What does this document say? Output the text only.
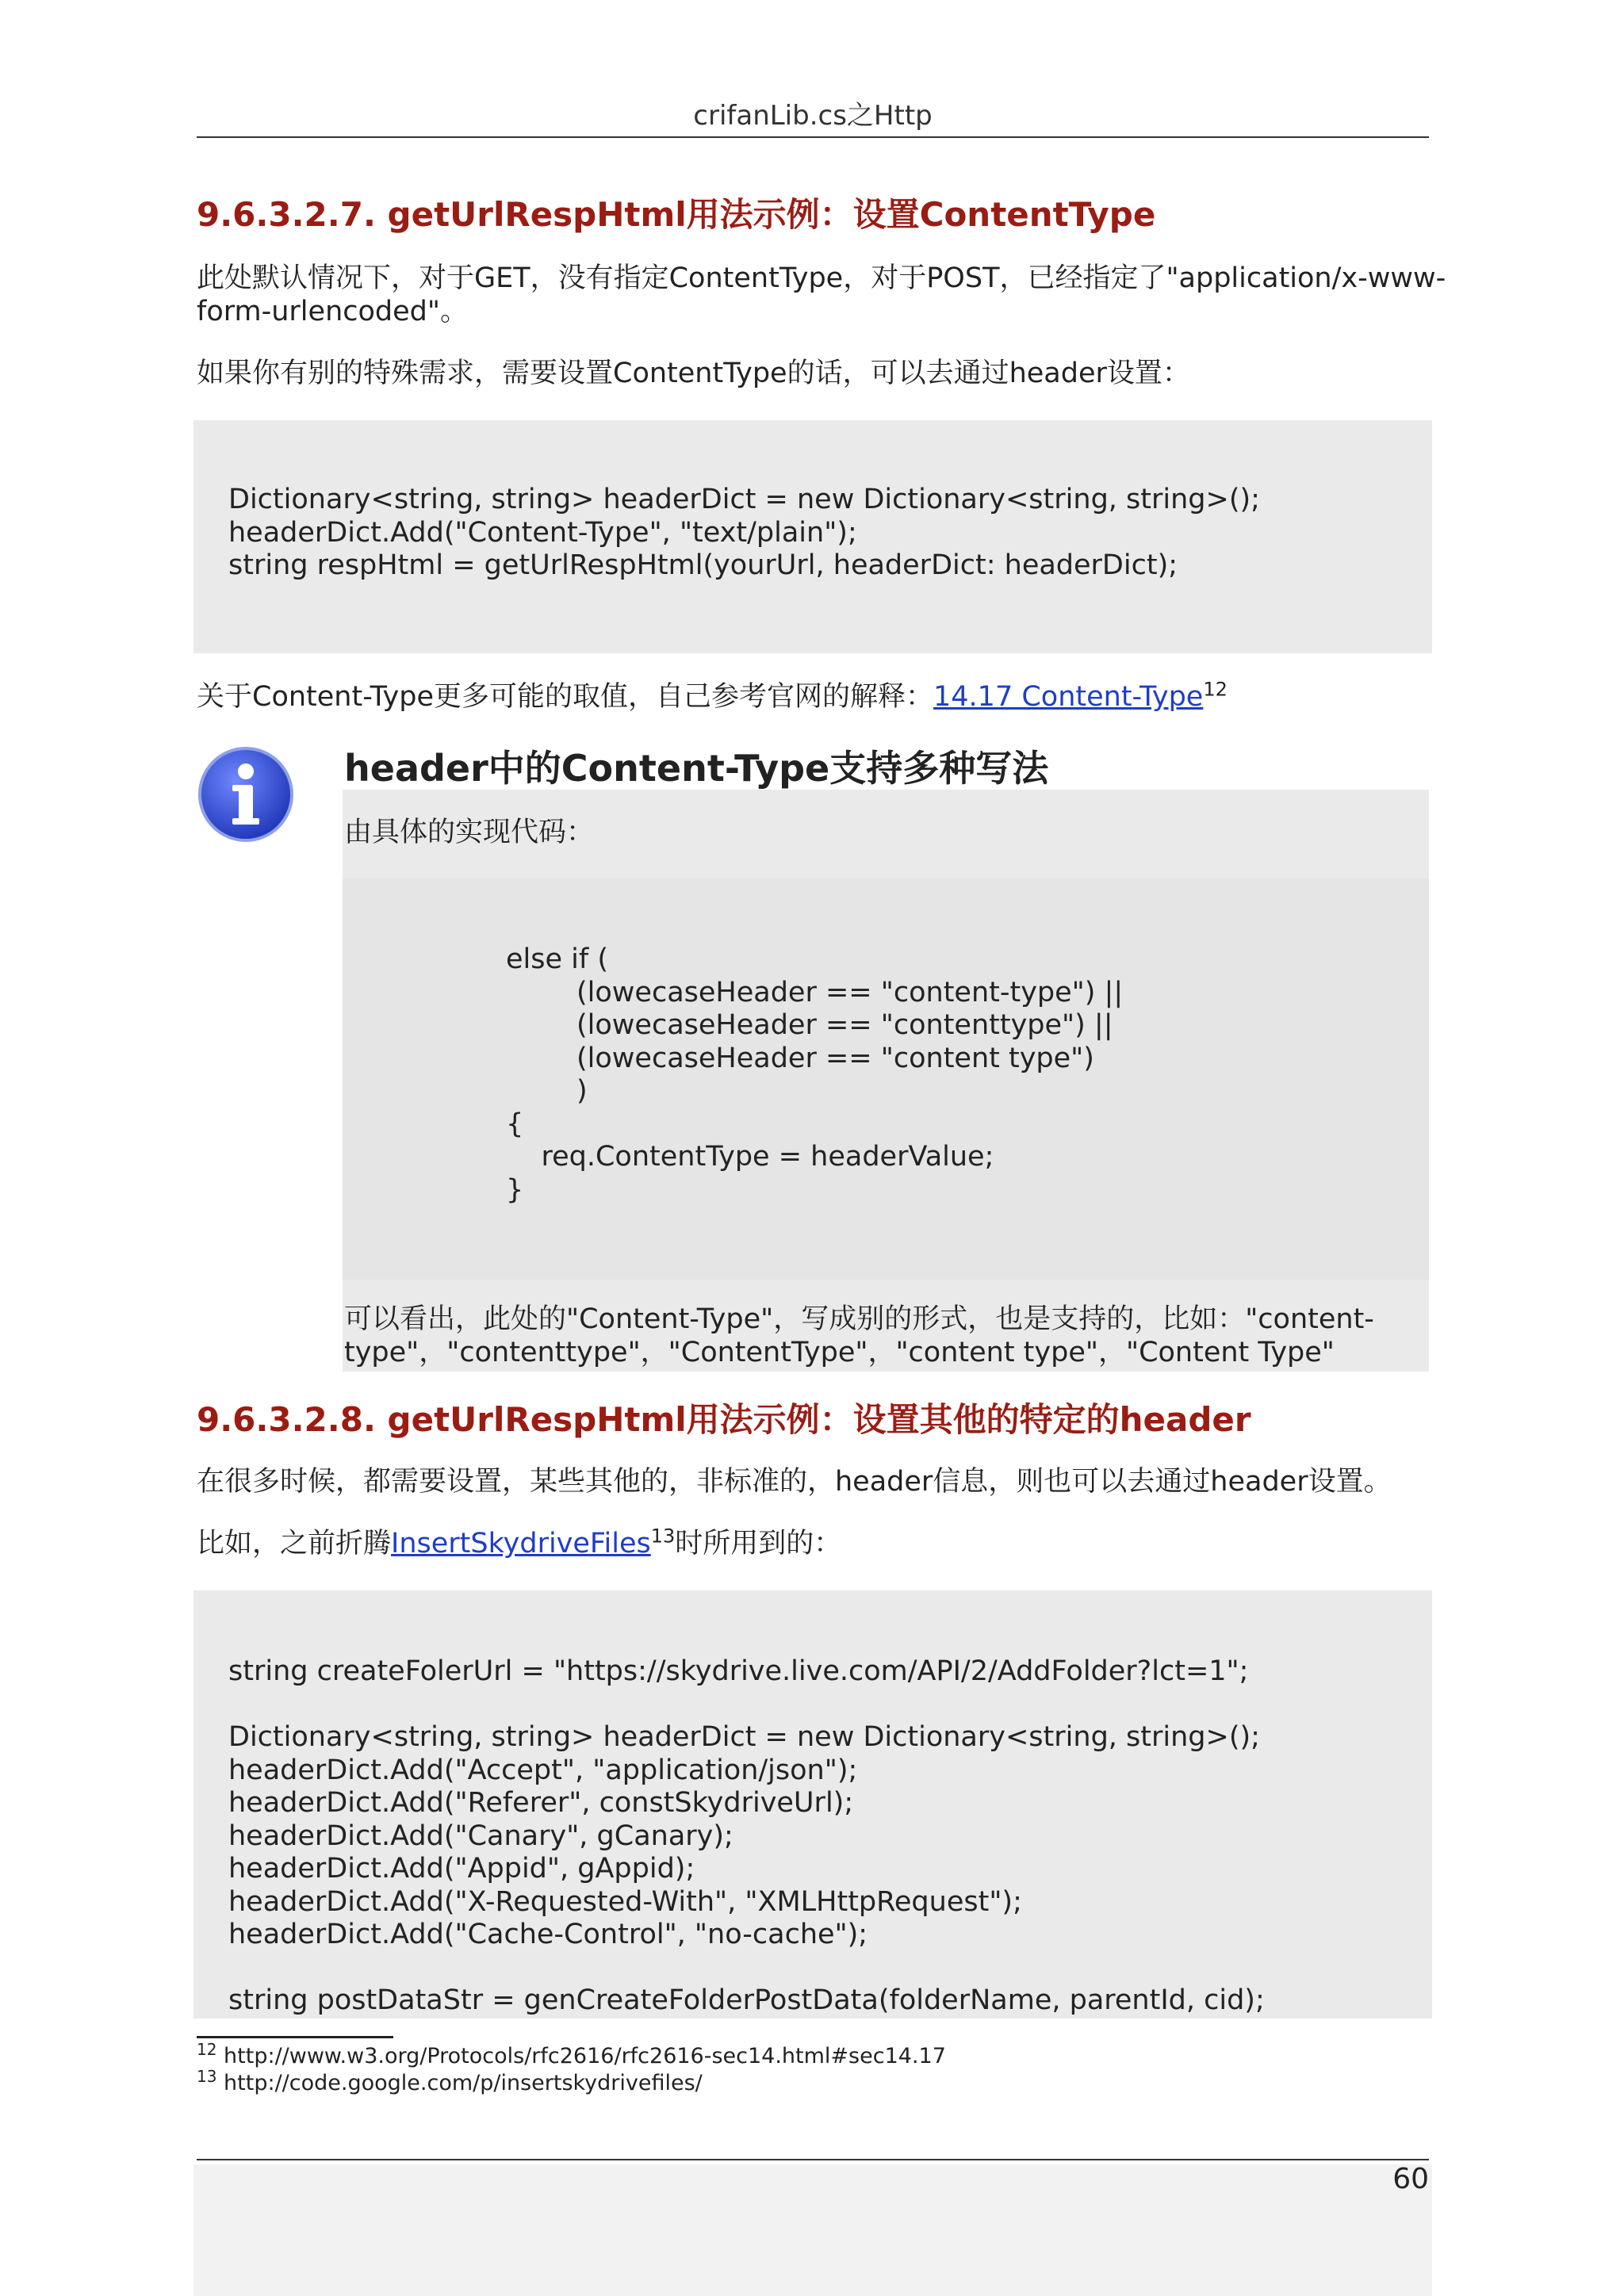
crifanLib.cs之Http
9.6.3.2.7. getUrlRespHtml用法示例：设置ContentType
此处默认情况下，对于GET，没有指定ContentType，对于POST，已经指定了"application/x-www-
form-urlencoded"。
如果你有别的特殊需求，需要设置ContentType的话，可以去通过header设置：
Dictionary<string, string> headerDict = new Dictionary<string, string>();
headerDict.Add("Content-Type", "text/plain");
string respHtml = getUrlRespHtml(yourUrl, headerDict: headerDict);
关于Content-Type更多可能的取值，自己参考官网的解释：14.17 Content-Type$^{12}$
header中的Content-Type支持多种写法
由具体的实现代码：
else if (
(lowecaseHeader == "content-type") ||
(lowecaseHeader == "contenttype") ||
(lowecaseHeader == "content type")
)
{
req.ContentType = headerValue;
}
可以看出，此处的"Content-Type"，写成别的形式，也是支持的，比如："content-
type"，"contenttype"，"ContentType"，"content type"，"Content Type"
9.6.3.2.8. getUrlRespHtml用法示例：设置其他的特定的header
在很多时候，都需要设置，某些其他的，非标准的，header信息，则也可以去通过header设置。
比如，之前折腾InsertSkydriveFiles$^{13}$时所用到的：
string createFolerUrl = "https://skydrive.live.com/API/2/AddFolder?lct=1";

Dictionary<string, string> headerDict = new Dictionary<string, string>();
headerDict.Add("Accept", "application/json");
headerDict.Add("Referer", constSkydriveUrl);
headerDict.Add("Canary", gCanary);
headerDict.Add("Appid", gAppid);
headerDict.Add("X-Requested-With", "XMLHttpRequest");
headerDict.Add("Cache-Control", "no-cache");

string postDataStr = genCreateFolderPostData(folderName, parentId, cid);
$^{12}$ http://www.w3.org/Protocols/rfc2616/rfc2616-sec14.html#sec14.17
$^{13}$ http://code.google.com/p/insertskydrivefiles/
60
